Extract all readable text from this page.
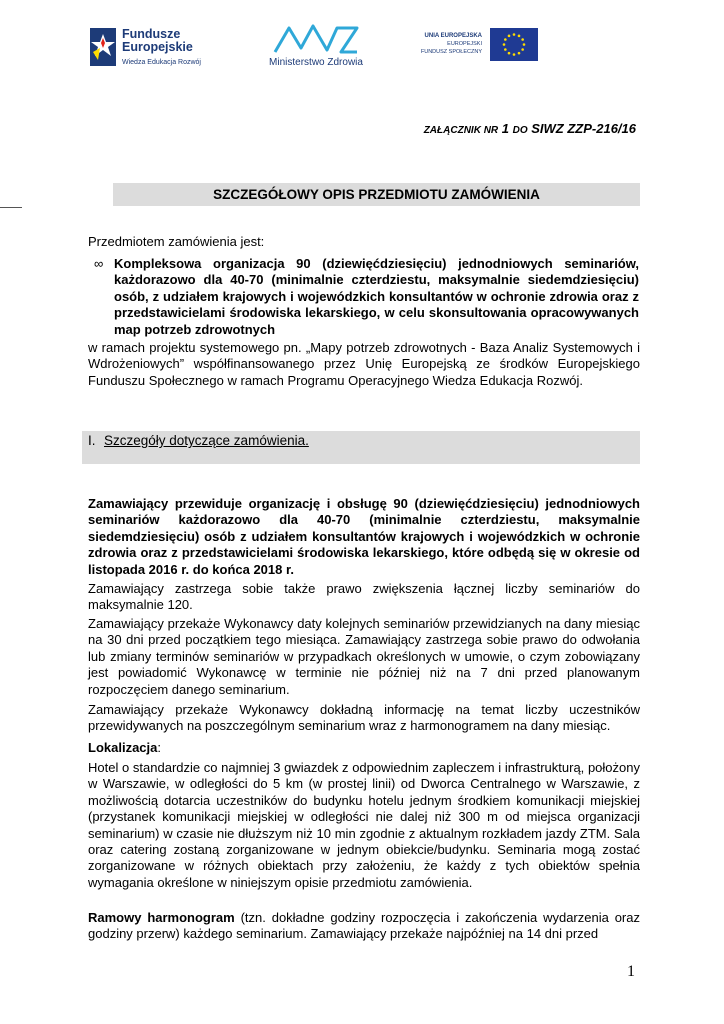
Fundusze
Europejskie
Wiedza Edukacja Rozwój	Ministerstwo Zdrowia
UNIA EUROPEJSKA
EUROPEJSKI
FUNDUSZ SPOŁECZNY
ZAŁĄCZNIK NR 1 DO SIWZ ZZP-216/16
SZCZEGÓŁOWY OPIS PRZEDMIOTU ZAMÓWIENIA
Przedmiotem zamówienia jest:
∞ Kompleksowa organizacja 90 (dziewięćdziesięciu) jednodniowych seminariów, każdorazowo dla 40-70 (minimalnie czterdziestu, maksymalnie siedemdziesięciu) osób, z udziałem krajowych i wojewódzkich konsultantów w ochronie zdrowia oraz z przedstawicielami środowiska lekarskiego, w celu skonsultowania opracowywanych map potrzeb zdrowotnych
w ramach projektu systemowego pn. „Mapy potrzeb zdrowotnych - Baza Analiz Systemowych i Wdrożeniowych” współfinansowanego przez Unię Europejską ze środków Europejskiego Funduszu Społecznego w ramach Programu Operacyjnego Wiedza Edukacja Rozwój.
I. Szczegóły dotyczące zamówienia.
Zamawiający przewiduje organizację i obsługę 90 (dziewięćdziesięciu) jednodniowych seminariów każdorazowo dla 40-70 (minimalnie czterdziestu, maksymalnie siedemdziesięciu) osób z udziałem konsultantów krajowych i wojewódzkich w ochronie zdrowia oraz z przedstawicielami środowiska lekarskiego, które odbędą się w okresie od listopada 2016 r. do końca 2018 r.
Zamawiający zastrzega sobie także prawo zwiększenia łącznej liczby seminariów do maksymalnie 120.
Zamawiający przekaże Wykonawcy daty kolejnych seminariów przewidzianych na dany miesiąc na 30 dni przed początkiem tego miesiąca. Zamawiający zastrzega sobie prawo do odwołania lub zmiany terminów seminariów w przypadkach określonych w umowie, o czym zobowiązany jest powiadomić Wykonawcę w terminie nie później niż na 7 dni przed planowanym rozpoczęciem danego seminarium.
Zamawiający przekaże Wykonawcy dokładną informację na temat liczby uczestników przewidywanych na poszczególnym seminarium wraz z harmonogramem na dany miesiąc.
Lokalizacja:
Hotel o standardzie co najmniej 3 gwiazdek z odpowiednim zapleczem i infrastrukturą, położony w Warszawie, w odległości do 5 km (w prostej linii) od Dworca Centralnego w Warszawie, z możliwością dotarcia uczestników do budynku hotelu jednym środkiem komunikacji miejskiej (przystanek komunikacji miejskiej w odległości nie dalej niż 300 m od miejsca organizacji seminarium) w czasie nie dłuższym niż 10 min zgodnie z aktualnym rozkładem jazdy ZTM. Sala oraz catering zostaną zorganizowane w jednym obiekcie/budynku. Seminaria mogą zostać zorganizowane w różnych obiektach przy założeniu, że każdy z tych obiektów spełnia wymagania określone w niniejszym opisie przedmiotu zamówienia.
Ramowy harmonogram (tzn. dokładne godziny rozpoczęcia i zakończenia wydarzenia oraz godziny przerw) każdego seminarium. Zamawiający przekaże najpóźniej na 14 dni przed
1
